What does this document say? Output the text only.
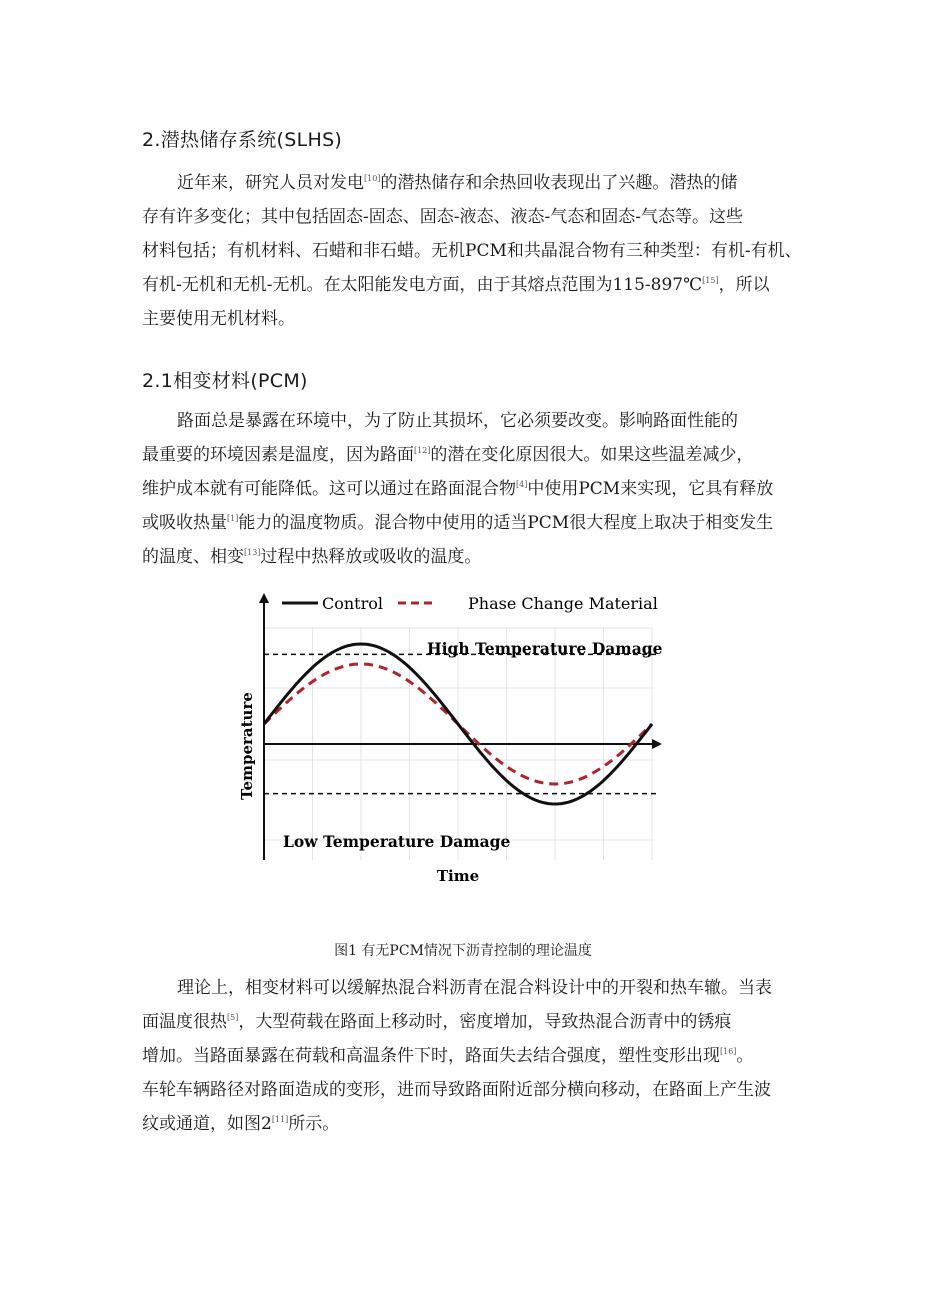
2.潜热储存系统(SLHS)
近年来，研究人员对发电[10]的潜热储存和余热回收表现出了兴趣。潜热的储
存有许多变化；其中包括固态-固态、固态-液态、液态-气态和固态-气态等。这些
材料包括；有机材料、石蜡和非石蜡。无机PCM和共晶混合物有三种类型：有机-有机、
有机-无机和无机-无机。在太阳能发电方面，由于其熔点范围为115-897℃[15]，所以
主要使用无机材料。
2.1相变材料(PCM)
路面总是暴露在环境中，为了防止其损坏，它必须要改变。影响路面性能的
最重要的环境因素是温度，因为路面[12]的潜在变化原因很大。如果这些温差减少，
维护成本就有可能降低。这可以通过在路面混合物[4]中使用PCM来实现，它具有释放
或吸收热量[1]能力的温度物质。混合物中使用的适当PCM很大程度上取决于相变发生
的温度、相变[13]过程中热释放或吸收的温度。
Control	Phase Change Material
High Temperature Damage
Low Temperature Damage
Temperature
Time

图1 有无PCM情况下沥青控制的理论温度

理论上，相变材料可以缓解热混合料沥青在混合料设计中的开裂和热车辙。当表
面温度很热[5]，大型荷载在路面上移动时，密度增加，导致热混合沥青中的锈痕
增加。当路面暴露在荷载和高温条件下时，路面失去结合强度，塑性变形出现[16]。
车轮车辆路径对路面造成的变形，进而导致路面附近部分横向移动，在路面上产生波
纹或通道，如图2[11]所示。
